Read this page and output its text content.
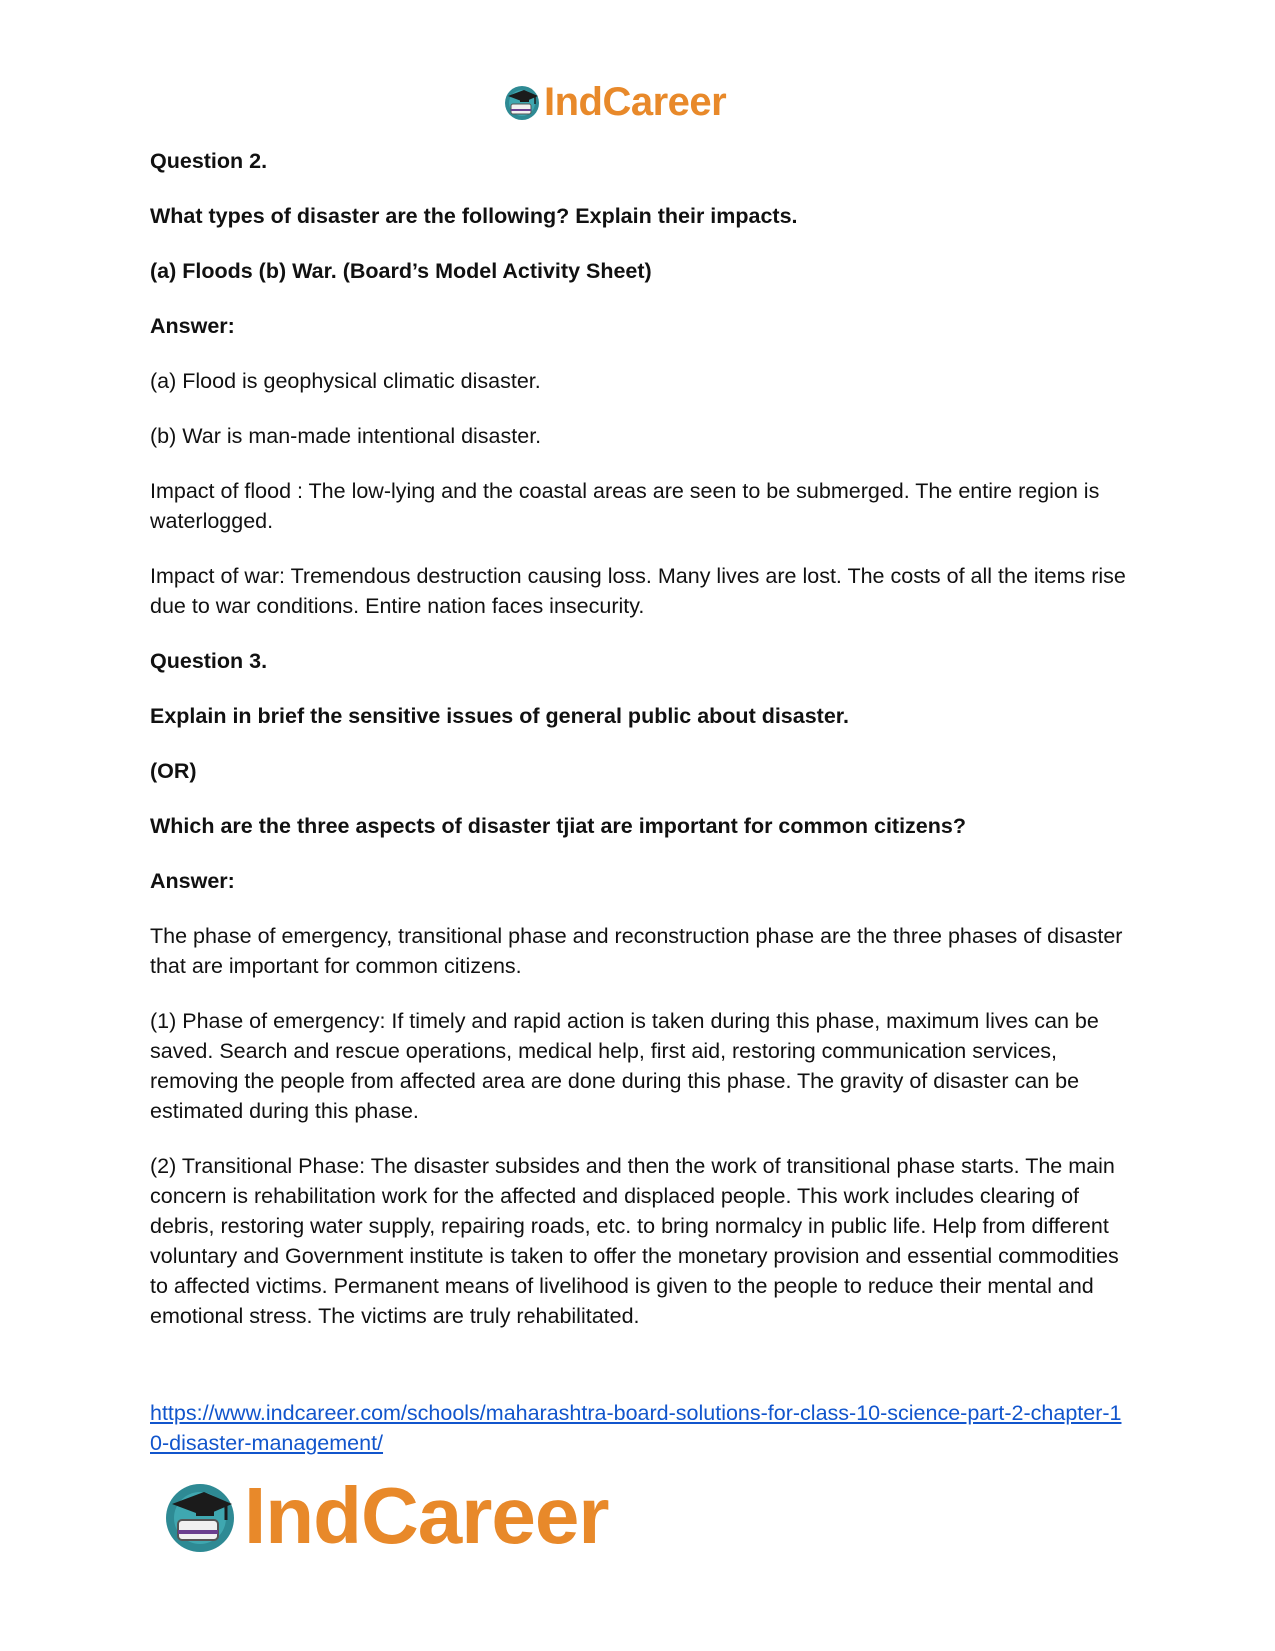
IndCareer

Question 2.

What types of disaster are the following? Explain their impacts.

(a) Floods (b) War. (Board’s Model Activity Sheet)

Answer:

(a) Flood is geophysical climatic disaster.

(b) War is man-made intentional disaster.

Impact of flood : The low-lying and the coastal areas are seen to be submerged. The entire region is waterlogged.

Impact of war: Tremendous destruction causing loss. Many lives are lost. The costs of all the items rise due to war conditions. Entire nation faces insecurity.

Question 3.

Explain in brief the sensitive issues of general public about disaster.

(OR)

Which are the three aspects of disaster tjiat are important for common citizens?

Answer:

The phase of emergency, transitional phase and reconstruction phase are the three phases of disaster that are important for common citizens.

(1) Phase of emergency: If timely and rapid action is taken during this phase, maximum lives can be saved. Search and rescue operations, medical help, first aid, restoring communication services, removing the people from affected area are done during this phase. The gravity of disaster can be estimated during this phase.

(2) Transitional Phase: The disaster subsides and then the work of transitional phase starts. The main concern is rehabilitation work for the affected and displaced people. This work includes clearing of debris, restoring water supply, repairing roads, etc. to bring normalcy in public life. Help from different voluntary and Government institute is taken to offer the monetary provision and essential commodities to affected victims. Permanent means of livelihood is given to the people to reduce their mental and emotional stress. The victims are truly rehabilitated.

https://www.indcareer.com/schools/maharashtra-board-solutions-for-class-10-science-part-2-chapter-10-disaster-management/
IndCareer
